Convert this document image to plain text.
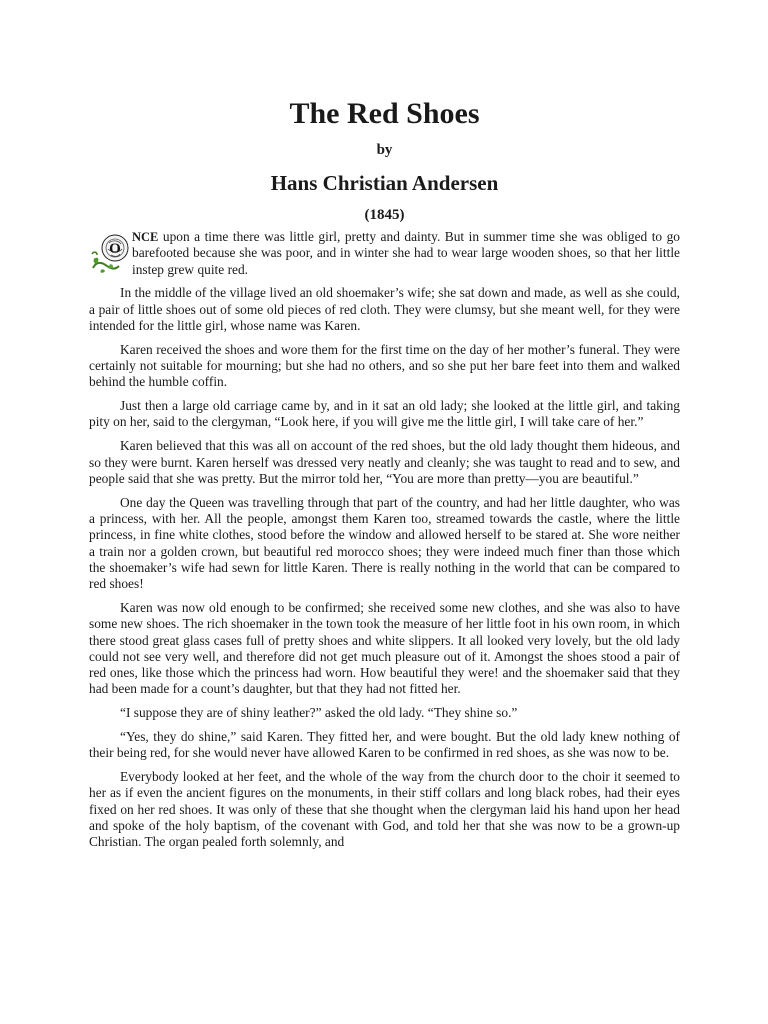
The Red Shoes
by
Hans Christian Andersen
(1845)

O
NCE upon a time there was little girl, pretty and dainty. But in summer time she was obliged to go barefooted because she was poor, and in winter she had to wear large wooden shoes, so that her little instep grew quite red.

In the middle of the village lived an old shoemaker’s wife; she sat down and made, as well as she could, a pair of little shoes out of some old pieces of red cloth. They were clumsy, but she meant well, for they were intended for the little girl, whose name was Karen.

Karen received the shoes and wore them for the first time on the day of her mother’s funeral. They were certainly not suitable for mourning; but she had no others, and so she put her bare feet into them and walked behind the humble coffin.

Just then a large old carriage came by, and in it sat an old lady; she looked at the little girl, and taking pity on her, said to the clergyman, “Look here, if you will give me the little girl, I will take care of her.”

Karen believed that this was all on account of the red shoes, but the old lady thought them hideous, and so they were burnt. Karen herself was dressed very neatly and cleanly; she was taught to read and to sew, and people said that she was pretty. But the mirror told her, “You are more than pretty—you are beautiful.”

One day the Queen was travelling through that part of the country, and had her little daughter, who was a princess, with her. All the people, amongst them Karen too, streamed towards the castle, where the little princess, in fine white clothes, stood before the window and allowed herself to be stared at. She wore neither a train nor a golden crown, but beautiful red morocco shoes; they were indeed much finer than those which the shoemaker’s wife had sewn for little Karen. There is really nothing in the world that can be compared to red shoes!

Karen was now old enough to be confirmed; she received some new clothes, and she was also to have some new shoes. The rich shoemaker in the town took the measure of her little foot in his own room, in which there stood great glass cases full of pretty shoes and white slippers. It all looked very lovely, but the old lady could not see very well, and therefore did not get much pleasure out of it. Amongst the shoes stood a pair of red ones, like those which the princess had worn. How beautiful they were! and the shoemaker said that they had been made for a count’s daughter, but that they had not fitted her.

“I suppose they are of shiny leather?” asked the old lady. “They shine so.”

“Yes, they do shine,” said Karen. They fitted her, and were bought. But the old lady knew nothing of their being red, for she would never have allowed Karen to be confirmed in red shoes, as she was now to be.

Everybody looked at her feet, and the whole of the way from the church door to the choir it seemed to her as if even the ancient figures on the monuments, in their stiff collars and long black robes, had their eyes fixed on her red shoes. It was only of these that she thought when the clergyman laid his hand upon her head and spoke of the holy baptism, of the covenant with God, and told her that she was now to be a grown-up Christian. The organ pealed forth solemnly, and
